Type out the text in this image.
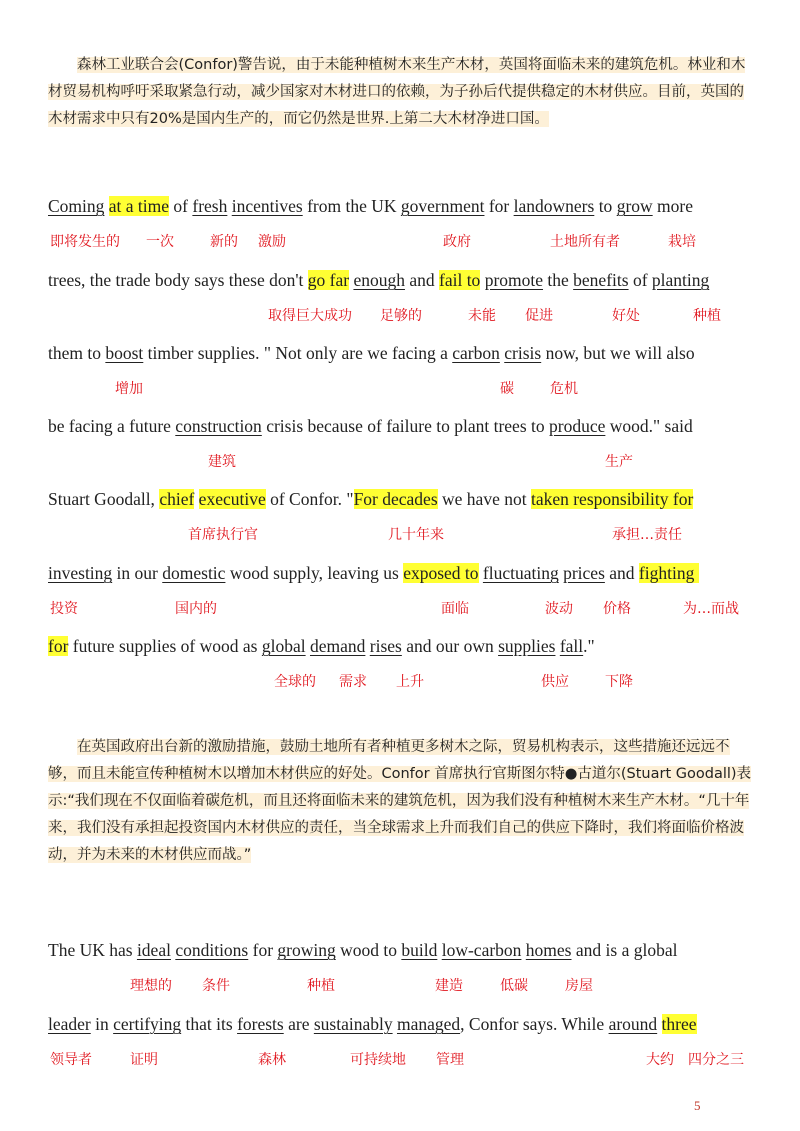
森林工业联合会(Confor)警告说，由于未能种植树木来生产木材，英国将面临未来的建筑危机。林业和木材贸易机构呼吁采取紧急行动，减少国家对木材进口的依赖，为子孙后代提供稳定的木材供应。目前，英国的木材需求中只有20%是国内生产的，而它仍然是世界.上第二大木材净进口国。

Coming at a time of fresh incentives from the UK government for landowners to grow more
trees, the trade body says these don't go far enough and fail to promote the benefits of planting
them to boost timber supplies. " Not only are we facing a carbon crisis now, but we will also
be facing a future construction crisis because of failure to plant trees to produce wood." said
Stuart Goodall, chief executive of Confor. "For decades we have not taken responsibility for
investing in our domestic wood supply, leaving us exposed to fluctuating prices and fighting
for future supplies of wood as global demand rises and our own supplies fall."
The UK has ideal conditions for growing wood to build low-carbon homes and is a global
leader in certifying that its forests are sustainably managed, Confor says. While around three
即将发生的 一次	新的 激励	政府	土地所有者	栽培
取得巨大成功 足够的	未能 促进	好处	种植
增加	碳	危机
建筑	生产
首席执行官	几十年来	承担…责任
投资	国内的	面临	波动 价格	为…而战
全球的 需求 上升	供应	下降
理想的 条件	种植	建造	低碳	房屋
领导者	证明	森林	可持续地 管理	大约 四分之三

在英国政府出台新的激励措施，鼓励土地所有者种植更多树木之际，贸易机构表示，这些措施还远远不够，而且未能宣传种植树木以增加木材供应的好处。Confor 首席执行官斯图尔特●古道尔(Stuart Goodall)表示:“我们现在不仅面临着碳危机，而且还将面临未来的建筑危机，因为我们没有种植树木来生产木材。“几十年来，我们没有承担起投资国内木材供应的责任，当全球需求上升而我们自己的供应下降时，我们将面临价格波动，并为未来的木材供应而战。”

5
